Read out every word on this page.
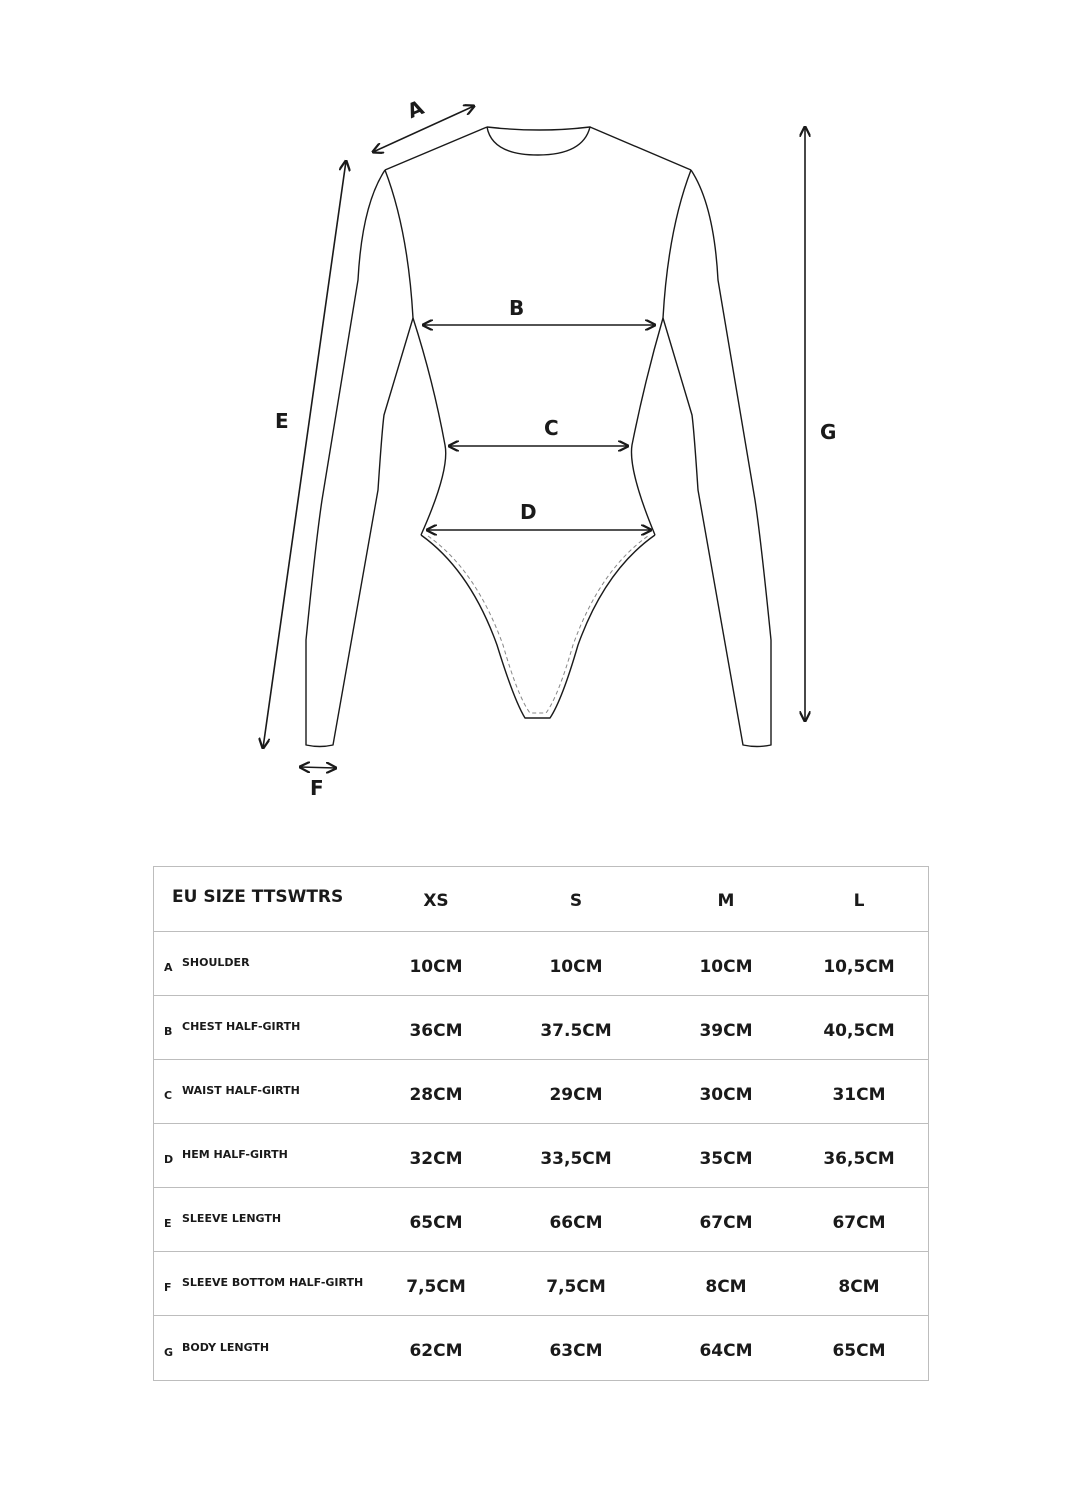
A
B
C
D
E
F
G
EU SIZE TTSWTRS	XS	S	M	L
A SHOULDER	10CM	10CM	10CM	10,5CM
B CHEST HALF-GIRTH	36CM	37.5CM	39CM	40,5CM
C WAIST HALF-GIRTH	28CM	29CM	30CM	31CM
D HEM HALF-GIRTH	32CM	33,5CM	35CM	36,5CM
E SLEEVE LENGTH	65CM	66CM	67CM	67CM
F SLEEVE BOTTOM HALF-GIRTH	7,5CM	7,5CM	8CM	8CM
G BODY LENGTH	62CM	63CM	64CM	65CM
